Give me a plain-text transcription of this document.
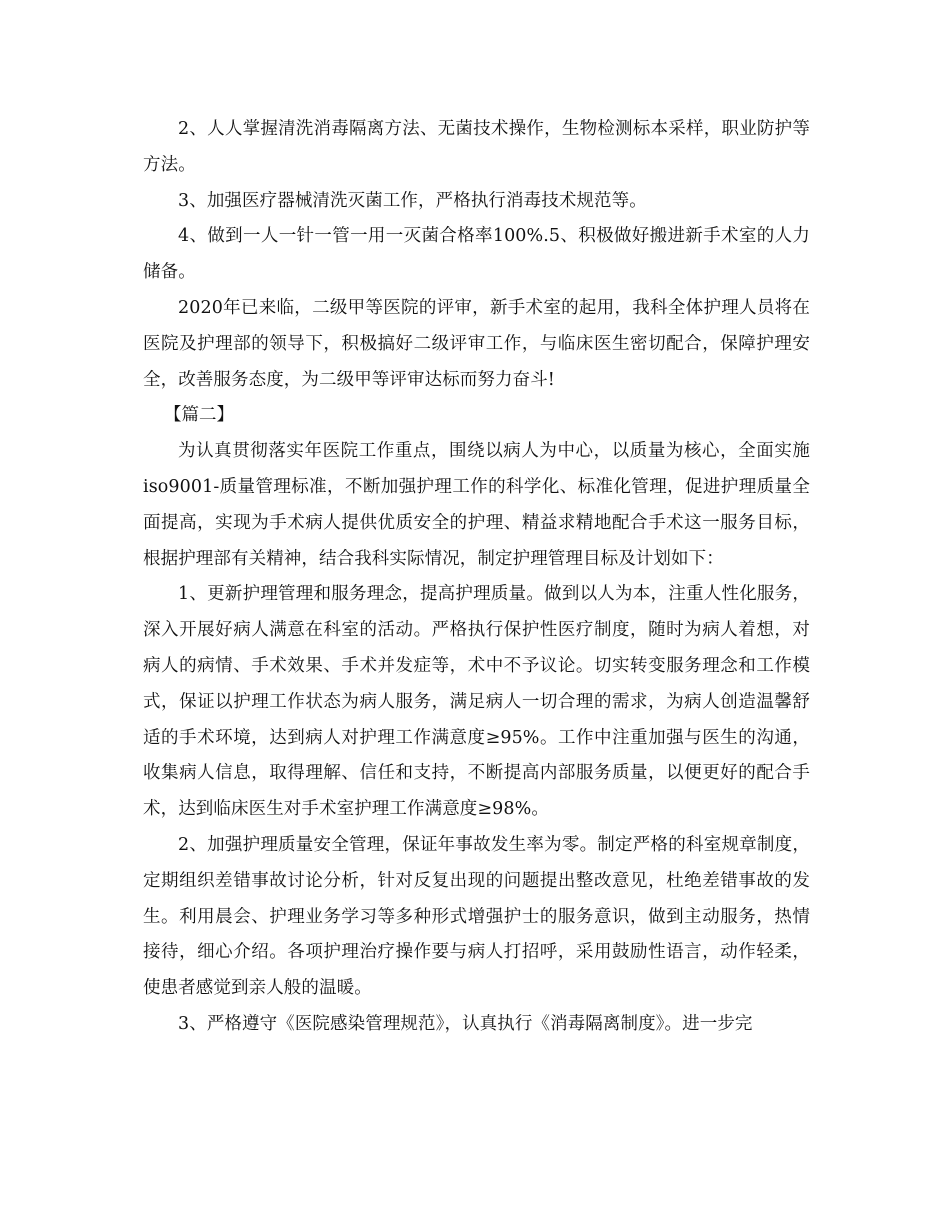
2、人人掌握清洗消毒隔离方法、无菌技术操作，生物检测标本采样，职业防护等方法。

3、加强医疗器械清洗灭菌工作，严格执行消毒技术规范等。

4、做到一人一针一管一用一灭菌合格率100%.5、积极做好搬进新手术室的人力储备。

2020年已来临，二级甲等医院的评审，新手术室的起用，我科全体护理人员将在医院及护理部的领导下，积极搞好二级评审工作，与临床医生密切配合，保障护理安全，改善服务态度，为二级甲等评审达标而努力奋斗!

【篇二】

为认真贯彻落实年医院工作重点，围绕以病人为中心，以质量为核心，全面实施iso9001-质量管理标准，不断加强护理工作的科学化、标准化管理，促进护理质量全面提高，实现为手术病人提供优质安全的护理、精益求精地配合手术这一服务目标，根据护理部有关精神，结合我科实际情况，制定护理管理目标及计划如下：

1、更新护理管理和服务理念，提高护理质量。做到以人为本，注重人性化服务，深入开展好病人满意在科室的活动。严格执行保护性医疗制度，随时为病人着想，对病人的病情、手术效果、手术并发症等，术中不予议论。切实转变服务理念和工作模式，保证以护理工作状态为病人服务，满足病人一切合理的需求，为病人创造温馨舒适的手术环境，达到病人对护理工作满意度≥95%。工作中注重加强与医生的沟通，收集病人信息，取得理解、信任和支持，不断提高内部服务质量，以便更好的配合手术，达到临床医生对手术室护理工作满意度≥98%。

2、加强护理质量安全管理，保证年事故发生率为零。制定严格的科室规章制度，定期组织差错事故讨论分析，针对反复出现的问题提出整改意见，杜绝差错事故的发生。利用晨会、护理业务学习等多种形式增强护士的服务意识，做到主动服务，热情接待，细心介绍。各项护理治疗操作要与病人打招呼，采用鼓励性语言，动作轻柔，使患者感觉到亲人般的温暖。

3、严格遵守《医院感染管理规范》，认真执行《消毒隔离制度》。进一步完
